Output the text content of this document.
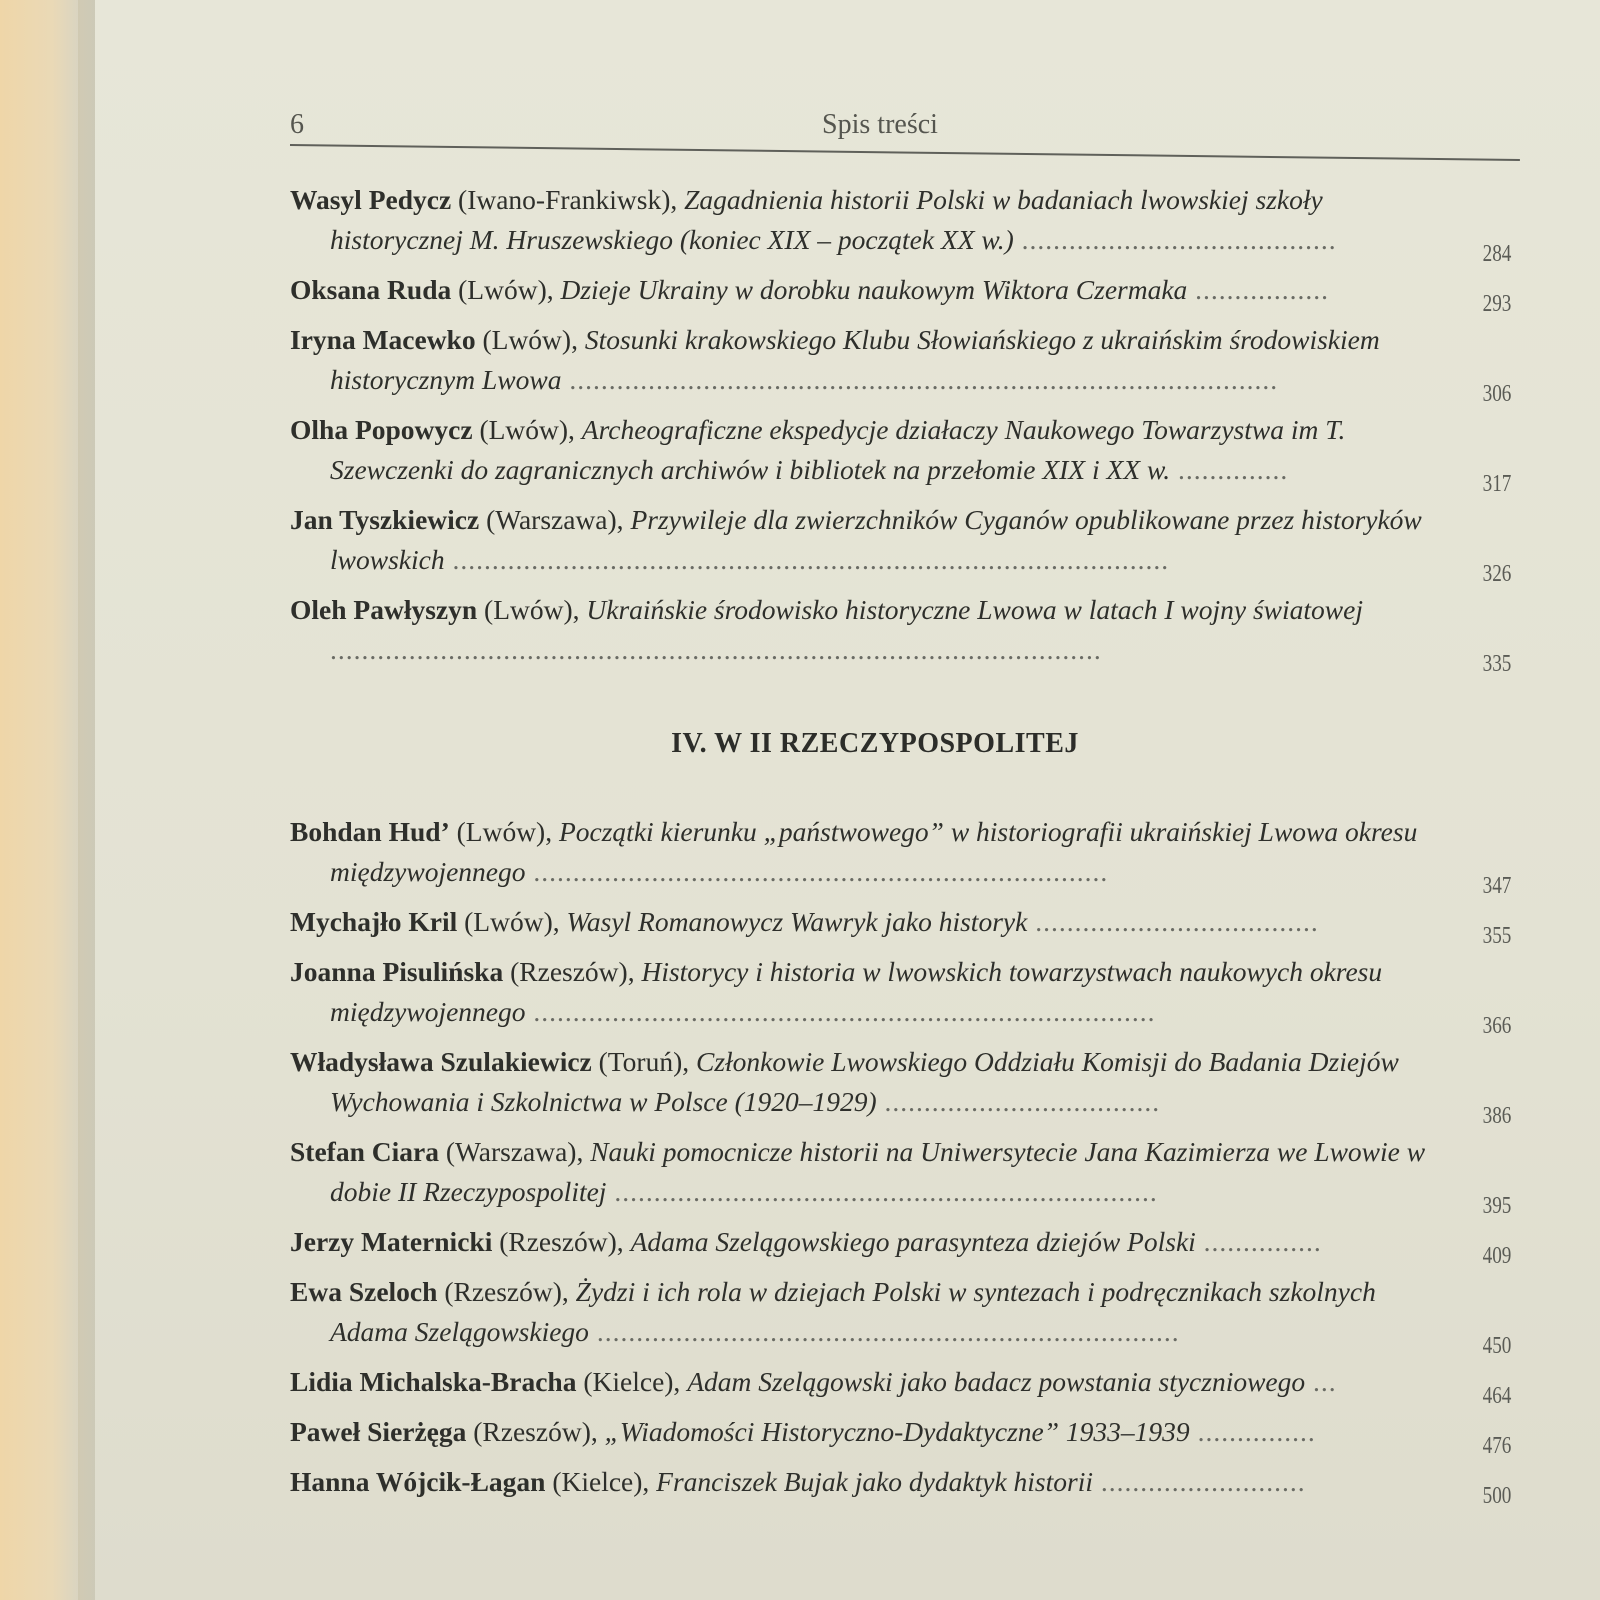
6	Spis treści
Wasyl Pedycz (Iwano-Frankiwsk), Zagadnienia historii Polski w badaniach lwowskiej szkoły historycznej M. Hruszewskiego (koniec XIX – początek XX w.) ........................................	284
Oksana Ruda (Lwów), Dzieje Ukrainy w dorobku naukowym Wiktora Czermaka .................	293
Iryna Macewko (Lwów), Stosunki krakowskiego Klubu Słowiańskiego z ukraińskim środowiskiem historycznym Lwowa ..........................................................................................	306
Olha Popowycz (Lwów), Archeograficzne ekspedycje działaczy Naukowego Towarzystwa im T. Szewczenki do zagranicznych archiwów i bibliotek na przełomie XIX i XX w. ..............	317
Jan Tyszkiewicz (Warszawa), Przywileje dla zwierzchników Cyganów opublikowane przez historyków lwowskich ...........................................................................................	326
Oleh Pawłyszyn (Lwów), Ukraińskie środowisko historyczne Lwowa w latach I wojny światowej ..................................................................................................	335
IV. W II RZECZYPOSPOLITEJ
Bohdan Hud’ (Lwów), Początki kierunku „państwowego” w historiografii ukraińskiej Lwowa okresu międzywojennego .........................................................................	347
Mychajło Kril (Lwów), Wasyl Romanowycz Wawryk jako historyk ....................................	355
Joanna Pisulińska (Rzeszów), Historycy i historia w lwowskich towarzystwach naukowych okresu międzywojennego ...............................................................................	366
Władysława Szulakiewicz (Toruń), Członkowie Lwowskiego Oddziału Komisji do Badania Dziejów Wychowania i Szkolnictwa w Polsce (1920–1929) ...................................	386
Stefan Ciara (Warszawa), Nauki pomocnicze historii na Uniwersytecie Jana Kazimierza we Lwowie w dobie II Rzeczypospolitej .....................................................................	395
Jerzy Maternicki (Rzeszów), Adama Szelągowskiego parasynteza dziejów Polski ...............	409
Ewa Szeloch (Rzeszów), Żydzi i ich rola w dziejach Polski w syntezach i podręcznikach szkolnych Adama Szelągowskiego ..........................................................................	450
Lidia Michalska-Bracha (Kielce), Adam Szelągowski jako badacz powstania styczniowego ...	464
Paweł Sierżęga (Rzeszów), „Wiadomości Historyczno-Dydaktyczne” 1933–1939 ...............	476
Hanna Wójcik-Łagan (Kielce), Franciszek Bujak jako dydaktyk historii ..........................	500
